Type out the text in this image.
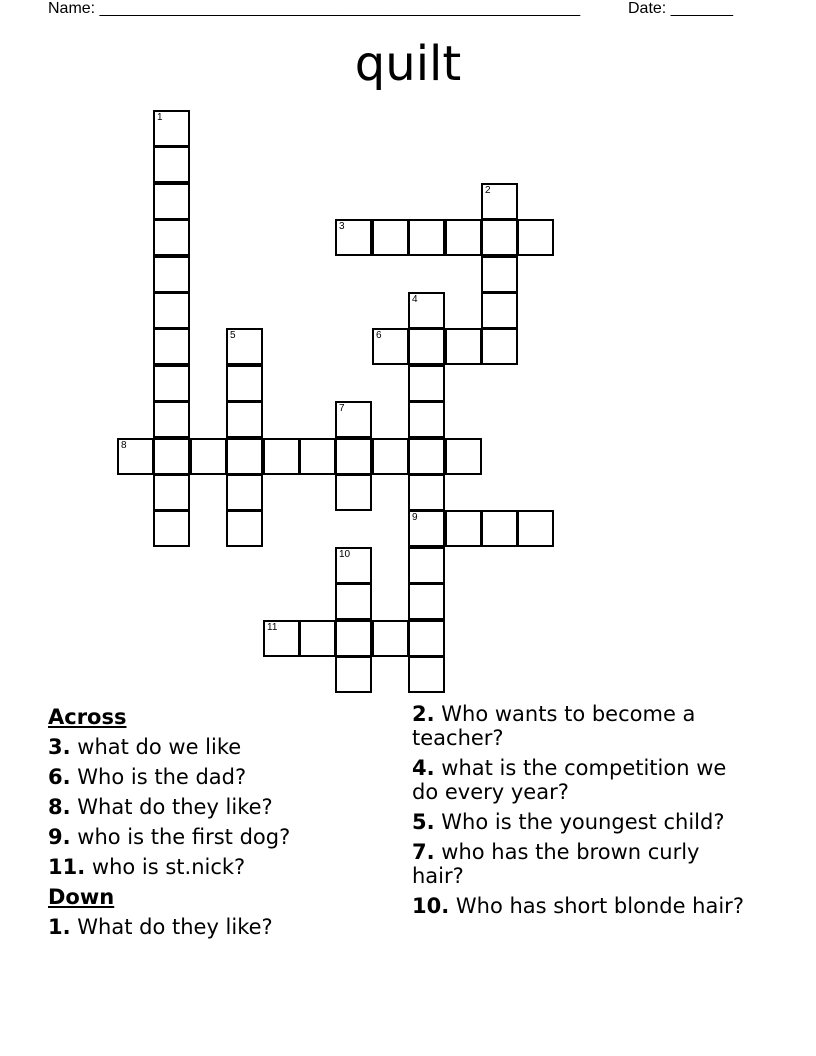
Name: ______________________________________________________	Date: _______
quilt
1
2
3
4
9
5	6
7
8
10
11
Across
3. what do we like
6. Who is the dad?
8. What do they like?
9. who is the first dog?
11. who is st.nick?
Down
1. What do they like?
2. Who wants to become a teacher?
4. what is the competition we do every year?
5. Who is the youngest child?
7. who has the brown curly hair?
10. Who has short blonde hair?
